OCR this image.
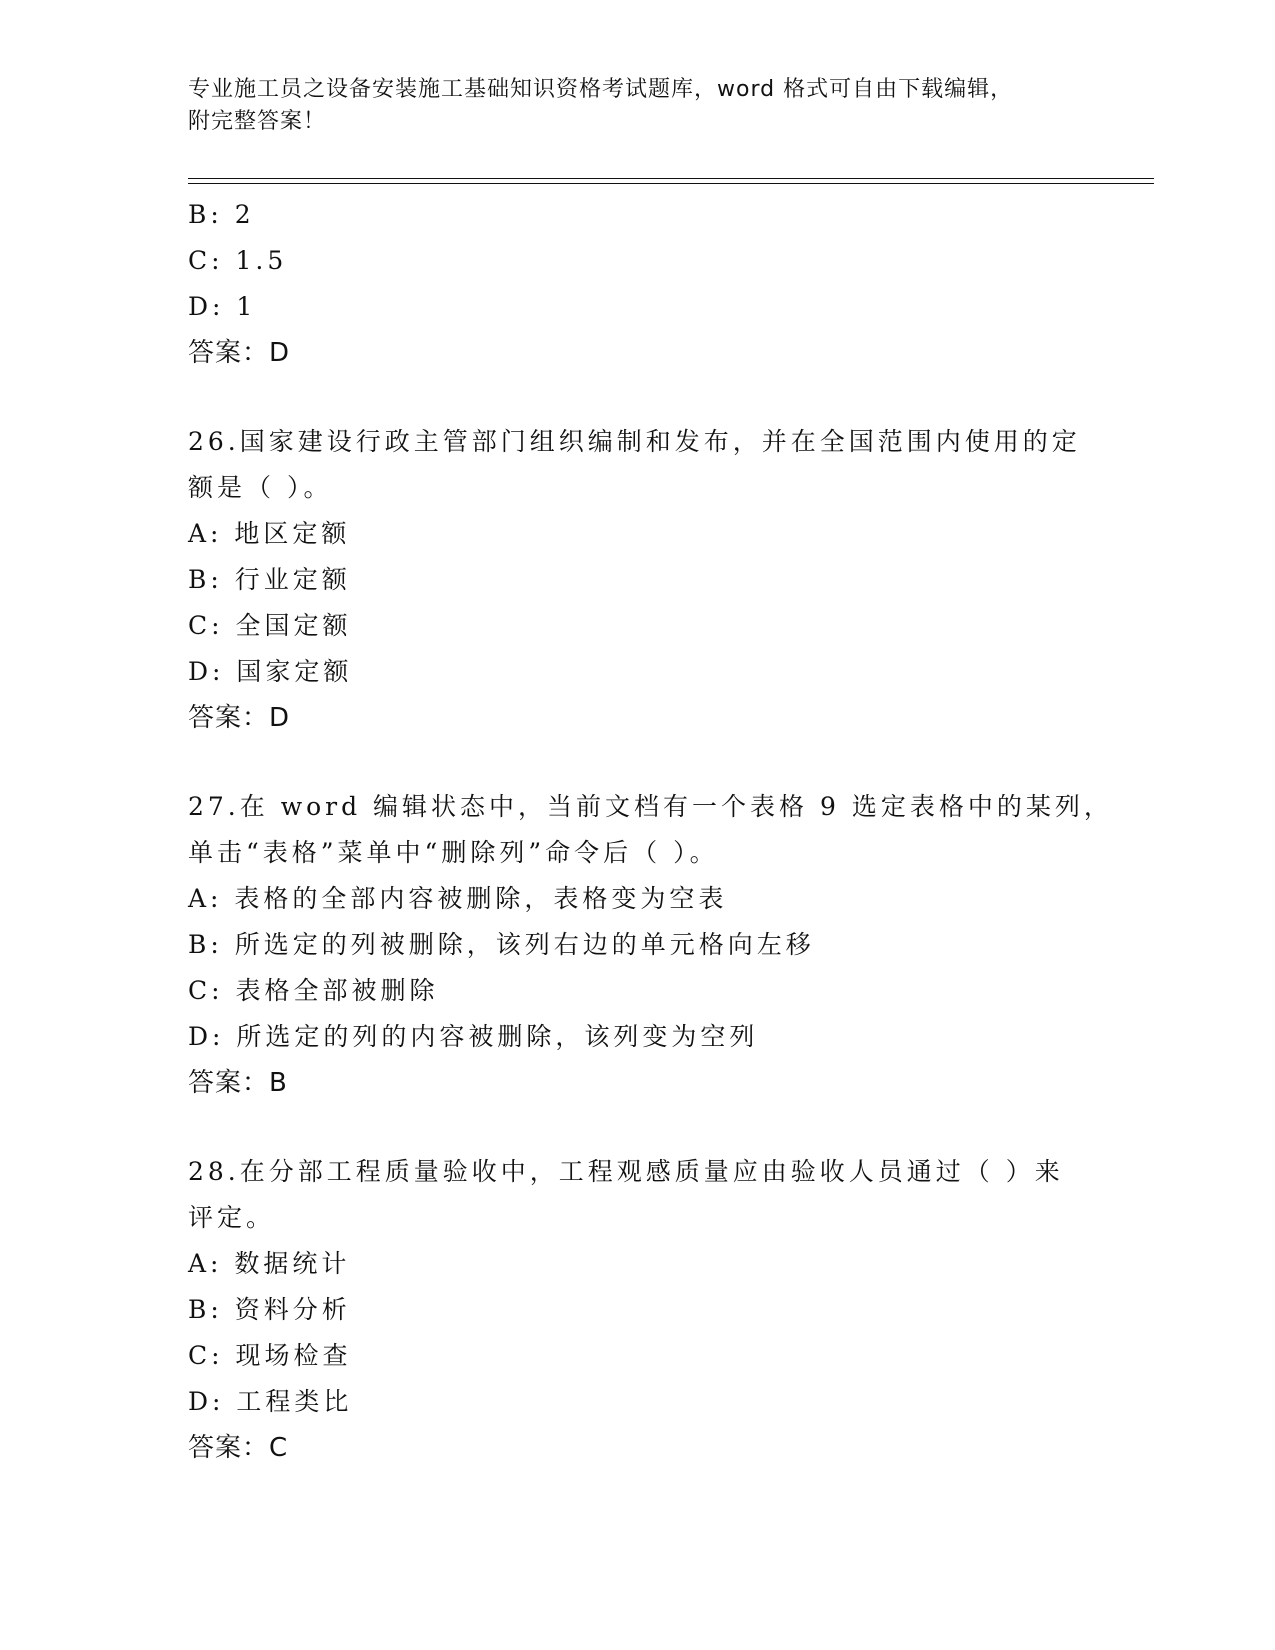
专业施工员之设备安装施工基础知识资格考试题库，word 格式可自由下载编辑，
附完整答案！
B: 2
C: 1.5
D: 1
答案：D
26.国家建设行政主管部门组织编制和发布，并在全国范围内使用的定
额是（ ）。
A: 地区定额
B: 行业定额
C: 全国定额
D: 国家定额
答案：D
27.在 word 编辑状态中，当前文档有一个表格 9 选定表格中的某列，
单击“表格”菜单中“删除列”命令后（ ）。
A: 表格的全部内容被删除，表格变为空表
B: 所选定的列被删除，该列右边的单元格向左移
C: 表格全部被删除
D: 所选定的列的内容被删除，该列变为空列
答案：B
28.在分部工程质量验收中，工程观感质量应由验收人员通过（ ）来
评定。
A: 数据统计
B: 资料分析
C: 现场检查
D: 工程类比
答案：C
